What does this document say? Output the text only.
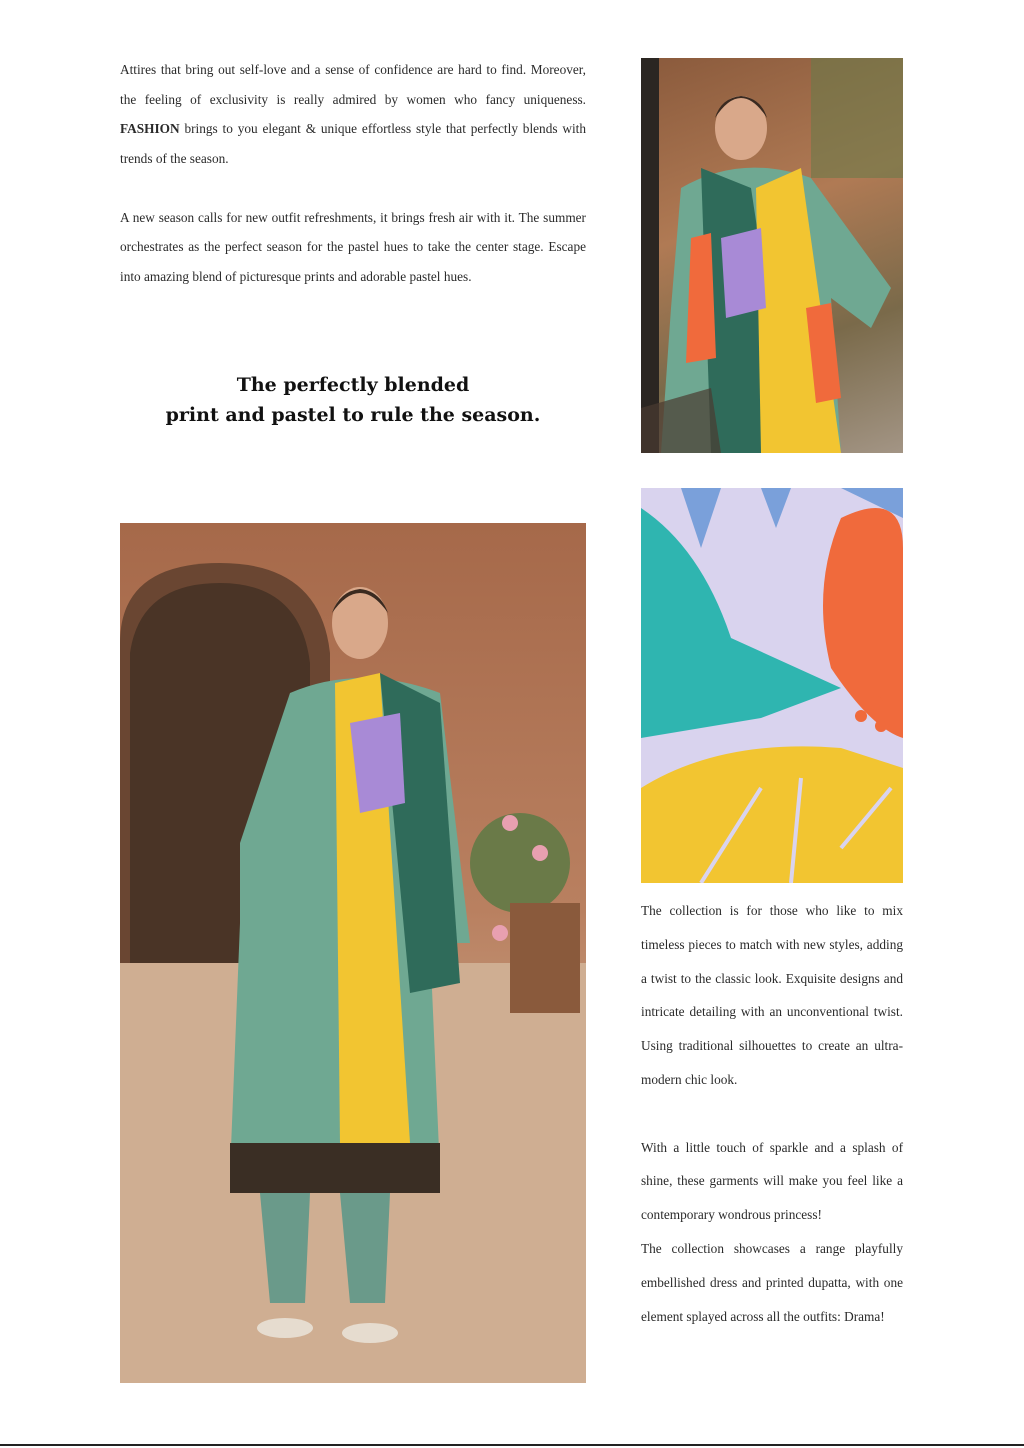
Attires that bring out self-love and a sense of confidence are hard to find. Moreover, the feeling of exclusivity is really admired by women who fancy uniqueness. FASHION brings to you elegant & unique effortless style that perfectly blends with trends of the season.

A new season calls for new outfit refreshments, it brings fresh air with it. The summer orchestrates as the perfect season for the pastel hues to take the center stage. Escape into amazing blend of picturesque prints and adorable pastel hues.

The perfectly blended
print and pastel to rule the season.

The collection is for those who like to mix timeless pieces to match with new styles, adding a twist to the classic look. Exquisite designs and intricate detailing with an unconventional twist. Using traditional silhouettes to create an ultra-modern chic look.

With a little touch of sparkle and a splash of shine, these garments will make you feel like a contemporary wondrous princess!

The collection showcases a range playfully embellished dress and printed dupatta, with one element splayed across all the outfits: Drama!
